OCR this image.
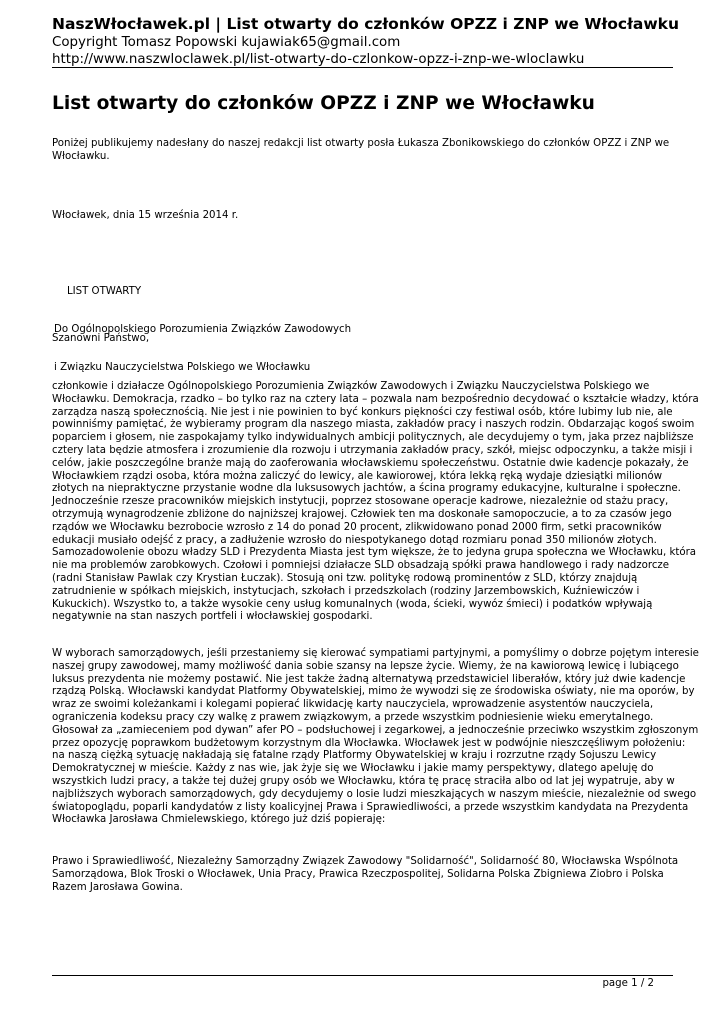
NaszWłocławek.pl | List otwarty do członków OPZZ i ZNP we Włocławku
Copyright Tomasz Popowski kujawiak65@gmail.com
http://www.naszwloclawek.pl/list-otwarty-do-czlonkow-opzz-i-znp-we-wloclawku
List otwarty do członków OPZZ i ZNP we Włocławku
Poniżej publikujemy nadesłany do naszej redakcji list otwarty posła Łukasza Zbonikowskiego do członków OPZZ i ZNP we
Włocławku.
Włocławek, dnia 15 września 2014 r.

LIST OTWARTY

Do Ogólnopolskiego Porozumienia Związków Zawodowych

i Związku Nauczycielstwa Polskiego we Włocławku

Szanowni Państwo,
członkowie i działacze Ogólnopolskiego Porozumienia Związków Zawodowych i Związku Nauczycielstwa Polskiego we
Włocławku. Demokracja, rzadko – bo tylko raz na cztery lata – pozwala nam bezpośrednio decydować o kształcie władzy, która
zarządza naszą społecznością. Nie jest i nie powinien to być konkurs piękności czy festiwal osób, które lubimy lub nie, ale
powinniśmy pamiętać, że wybieramy program dla naszego miasta, zakładów pracy i naszych rodzin. Obdarzając kogoś swoim
poparciem i głosem, nie zaspokajamy tylko indywidualnych ambicji politycznych, ale decydujemy o tym, jaka przez najbliższe
cztery lata będzie atmosfera i zrozumienie dla rozwoju i utrzymania zakładów pracy, szkół, miejsc odpoczynku, a także misji i
celów, jakie poszczególne branże mają do zaoferowania włocławskiemu społeczeństwu. Ostatnie dwie kadencje pokazały, że
Włocławkiem rządzi osoba, która można zaliczyć do lewicy, ale kawiorowej, która lekką ręką wydaje dziesiątki milionów
złotych na niepraktyczne przystanie wodne dla luksusowych jachtów, a ścina programy edukacyjne, kulturalne i społeczne.
Jednocześnie rzesze pracowników miejskich instytucji, poprzez stosowane operacje kadrowe, niezależnie od stażu pracy,
otrzymują wynagrodzenie zbliżone do najniższej krajowej. Człowiek ten ma doskonałe samopoczucie, a to za czasów jego
rządów we Włocławku bezrobocie wzrosło z 14 do ponad 20 procent, zlikwidowano ponad 2000 firm, setki pracowników
edukacji musiało odejść z pracy, a zadłużenie wzrosło do niespotykanego dotąd rozmiaru ponad 350 milionów złotych.
Samozadowolenie obozu władzy SLD i Prezydenta Miasta jest tym większe, że to jedyna grupa społeczna we Włocławku, która
nie ma problemów zarobkowych. Czołowi i pomniejsi działacze SLD obsadzają spółki prawa handlowego i rady nadzorcze
(radni Stanisław Pawlak czy Krystian Łuczak). Stosują oni tzw. politykę rodową prominentów z SLD, którzy znajdują
zatrudnienie w spółkach miejskich, instytucjach, szkołach i przedszkolach (rodziny Jarzembowskich, Kuźniewiczów i
Kukuckich). Wszystko to, a także wysokie ceny usług komunalnych (woda, ścieki, wywóz śmieci) i podatków wpływają
negatywnie na stan naszych portfeli i włocławskiej gospodarki.
W wyborach samorządowych, jeśli przestaniemy się kierować sympatiami partyjnymi, a pomyślimy o dobrze pojętym interesie
naszej grupy zawodowej, mamy możliwość dania sobie szansy na lepsze życie. Wiemy, że na kawiorową lewicę i lubiącego
luksus prezydenta nie możemy postawić. Nie jest także żadną alternatywą przedstawiciel liberałów, który już dwie kadencje
rządzą Polską. Włocławski kandydat Platformy Obywatelskiej, mimo że wywodzi się ze środowiska oświaty, nie ma oporów, by
wraz ze swoimi koleżankami i kolegami popierać likwidację karty nauczyciela, wprowadzenie asystentów nauczyciela,
ograniczenia kodeksu pracy czy walkę z prawem związkowym, a przede wszystkim podniesienie wieku emerytalnego.
Głosował za „zamieceniem pod dywan” afer PO – podsłuchowej i zegarkowej, a jednocześnie przeciwko wszystkim zgłoszonym
przez opozycję poprawkom budżetowym korzystnym dla Włocławka. Włocławek jest w podwójnie nieszczęśliwym położeniu:
na naszą ciężką sytuację nakładają się fatalne rządy Platformy Obywatelskiej w kraju i rozrzutne rządy Sojuszu Lewicy
Demokratycznej w mieście. Każdy z nas wie, jak żyje się we Włocławku i jakie mamy perspektywy, dlatego apeluję do
wszystkich ludzi pracy, a także tej dużej grupy osób we Włocławku, która tę pracę straciła albo od lat jej wypatruje, aby w
najbliższych wyborach samorządowych, gdy decydujemy o losie ludzi mieszkających w naszym mieście, niezależnie od swego
światopoglądu, poparli kandydatów z listy koalicyjnej Prawa i Sprawiedliwości, a przede wszystkim kandydata na Prezydenta
Włocławka Jarosława Chmielewskiego, którego już dziś popieraję:
Prawo i Sprawiedliwość, Niezależny Samorządny Związek Zawodowy "Solidarność", Solidarność 80, Włocławska Wspólnota
Samorządowa, Blok Troski o Włocławek, Unia Pracy, Prawica Rzeczpospolitej, Solidarna Polska Zbigniewa Ziobro i Polska
Razem Jarosława Gowina.
page 1 / 2
